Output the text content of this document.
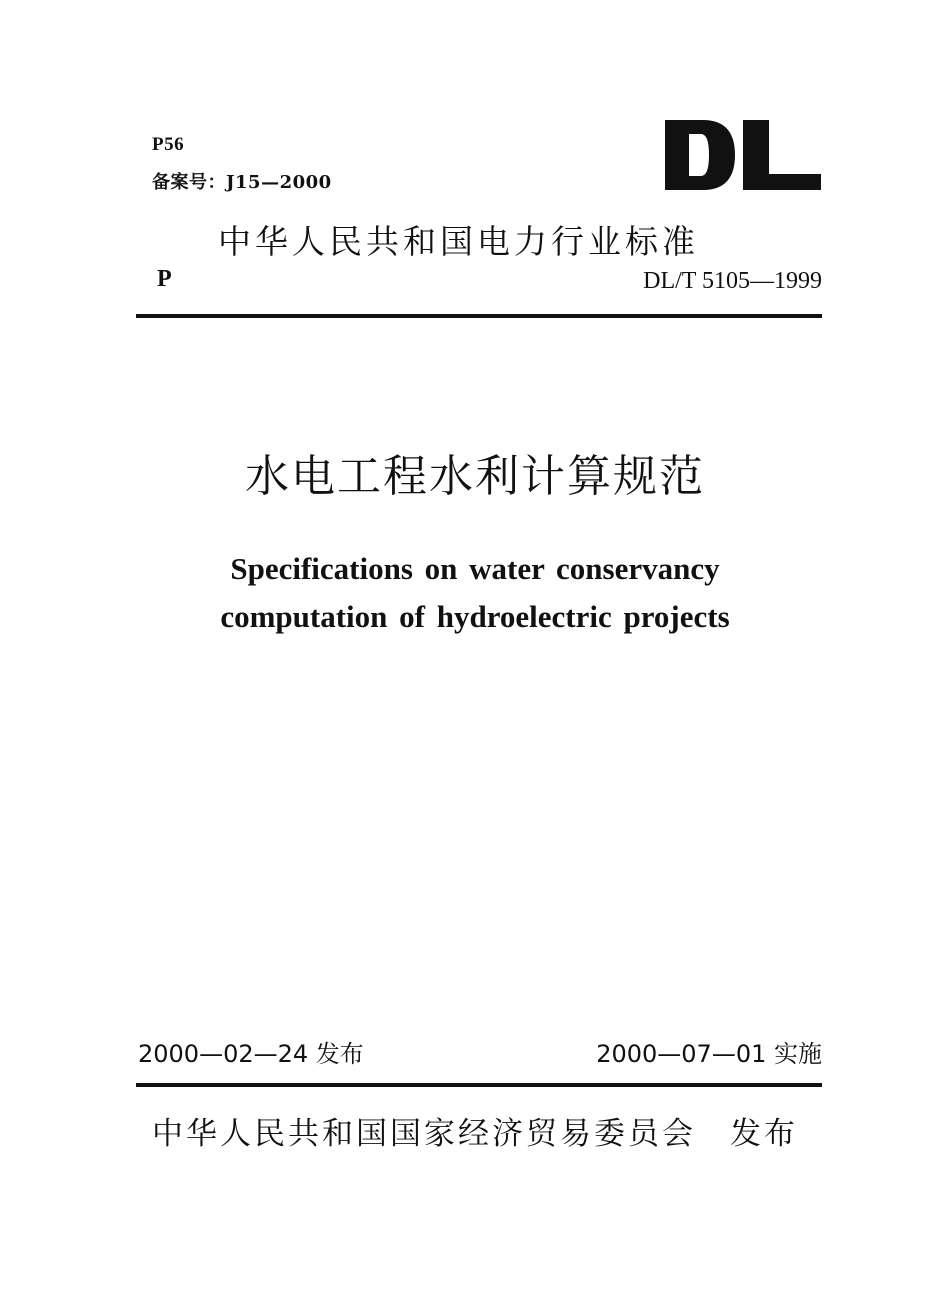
P56
备案号：J15—2000
中华人民共和国电力行业标准
P	DL/T 5105—1999
水电工程水利计算规范
Specifications on water conservancy
computation of hydroelectric projects
2000—02—24 发布	2000—07—01 实施
中华人民共和国国家经济贸易委员会　发布
